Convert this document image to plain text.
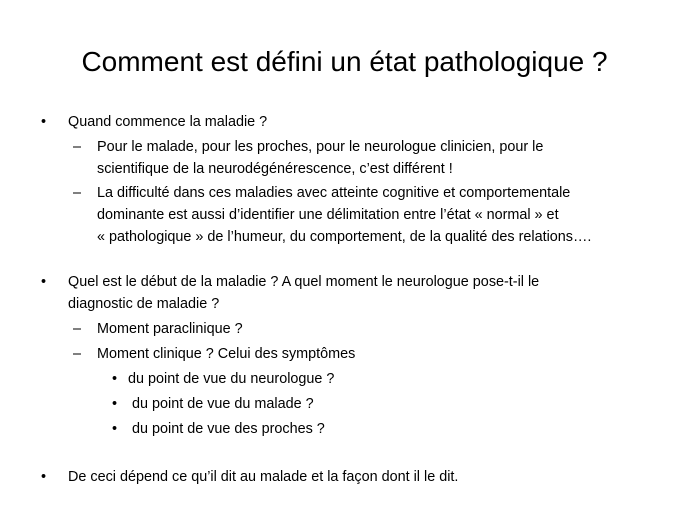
Comment est défini un état pathologique ?
• Quand commence la maladie ?
– Pour le malade, pour les proches, pour le neurologue clinicien, pour le
scientifique de la neurodégénérescence, c’est différent !
– La difficulté dans ces maladies avec atteinte cognitive et comportementale
dominante est aussi d’identifier une délimitation entre l’état « normal » et
« pathologique » de l’humeur, du comportement, de la qualité des relations….
• Quel est le début de la maladie ? A quel moment le neurologue pose-t-il le
diagnostic de maladie ?
– Moment paraclinique ?
– Moment clinique ? Celui des symptômes
• du point de vue du neurologue ?
• du point de vue du malade ?
• du point de vue des proches ?
• De ceci dépend ce qu’il dit au malade et la façon dont il le dit.
